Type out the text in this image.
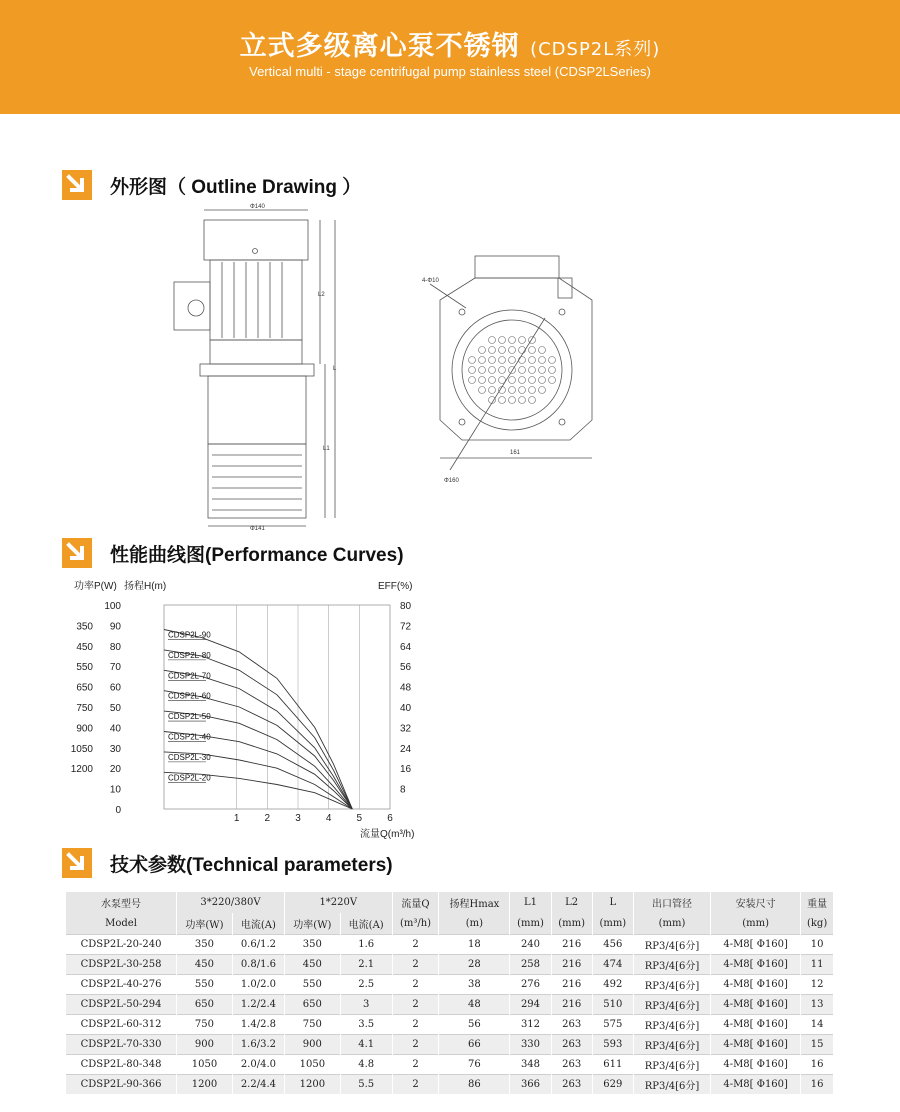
立式多级离心泵不锈钢 (CDSP2L系列)
Vertical multi - stage centrifugal pump stainless steel (CDSP2LSeries)
外形图（ Outline Drawing ）
Φ140
Φ141
L2
L
L1
4-Φ10
161
Φ160
性能曲线图(Performance Curves)
1	2	3	4	5	6
0
10
20
30
40
50
60
70
80
90
100
1200
1050
900
750
650
550
450
350
8
16
24
32
40
48
56
64
72
80
功率P(W) 扬程H(m)	EFF(%)
流量Q(m³/h)
CDSP2L-90
CDSP2L-80
CDSP2L-70
CDSP2L-60
CDSP2L-50
CDSP2L-40
CDSP2L-30
CDSP2L-20
技术参数(Technical parameters)
水泵型号	3*220/380V		1*220V		流量Q	扬程Hmax	L1	L2	L	出口管径	安装尺寸	重量
Model	功率(W)	电流(A)	功率(W)	电流(A)	(m³/h)	(m)	(mm)	(mm)	(mm)	(mm)	(mm)	(kg)
CDSP2L-20-240	350	0.6/1.2	350	1.6	2	18	240	216	456	RP3/4[6分]	4-M8[ Φ160]	10
CDSP2L-30-258	450	0.8/1.6	450	2.1	2	28	258	216	474	RP3/4[6分]	4-M8[ Φ160]	11
CDSP2L-40-276	550	1.0/2.0	550	2.5	2	38	276	216	492	RP3/4[6分]	4-M8[ Φ160]	12
CDSP2L-50-294	650	1.2/2.4	650	3	2	48	294	216	510	RP3/4[6分]	4-M8[ Φ160]	13
CDSP2L-60-312	750	1.4/2.8	750	3.5	2	56	312	263	575	RP3/4[6分]	4-M8[ Φ160]	14
CDSP2L-70-330	900	1.6/3.2	900	4.1	2	66	330	263	593	RP3/4[6分]	4-M8[ Φ160]	15
CDSP2L-80-348	1050	2.0/4.0	1050	4.8	2	76	348	263	611	RP3/4[6分]	4-M8[ Φ160]	16
CDSP2L-90-366	1200	2.2/4.4	1200	5.5	2	86	366	263	629	RP3/4[6分]	4-M8[ Φ160]	16
